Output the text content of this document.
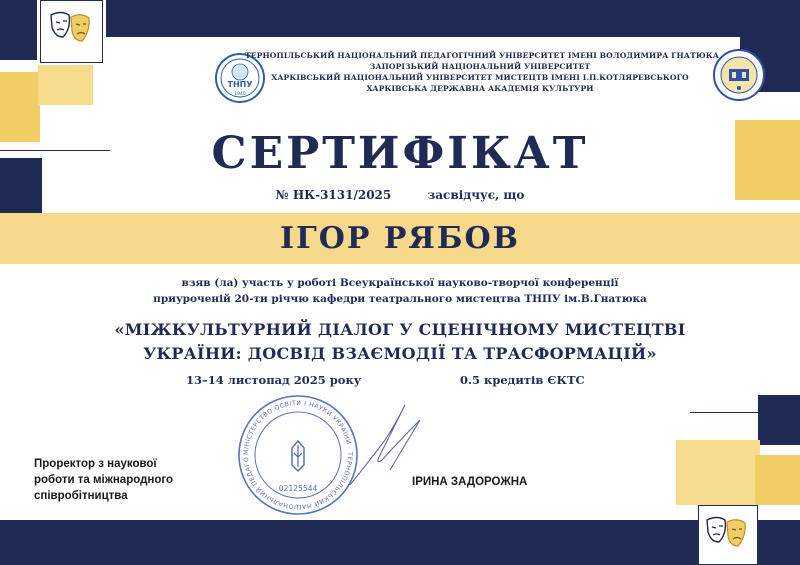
ТНПУ
1940
ТЕРНОПІЛЬСЬКИЙ НАЦІОНАЛЬНИЙ ПЕДАГОГІЧНИЙ УНІВЕРСИТЕТ ІМЕНІ ВОЛОДИМИРА ГНАТЮКА
ЗАПОРІЗЬКИЙ НАЦІОНАЛЬНИЙ УНІВЕРСИТЕТ
ХАРКІВСЬКИЙ НАЦІОНАЛЬНИЙ УНІВЕРСИТЕТ МИСТЕЦТВ ІМЕНІ І.П.КОТЛЯРЕВСЬКОГО
ХАРКІВСЬКА ДЕРЖАВНА АКАДЕМІЯ КУЛЬТУРИ
СЕРТИФІКАТ
№ НК-3131/2025	засвідчує, що
ІГОР РЯБОВ
взяв (ла) участь у роботі Всеукраїнської науково-творчої конференції
приуроченій 20-ти річчю кафедри театрального мистецтва ТНПУ ім.В.Гнатюка
«МІЖКУЛЬТУРНИЙ ДІАЛОГ У СЦЕНІЧНОМУ МИСТЕЦТВІ
УКРАЇНИ: ДОСВІД ВЗАЄМОДІЇ ТА ТРАСФОРМАЦІЙ»
13–14 листопад 2025 року	0.5 кредитів ЄКТС
МІНІСТЕРСТВО ОСВІТИ І НАУКИ УКРАЇНИ · ТЕРНОПІЛЬСЬКИЙ НАЦІОНАЛЬНИЙ ПЕДАГО
02125544
Проректор з наукової
роботи та міжнародного
співробітництва
ІРИНА ЗАДОРОЖНА
